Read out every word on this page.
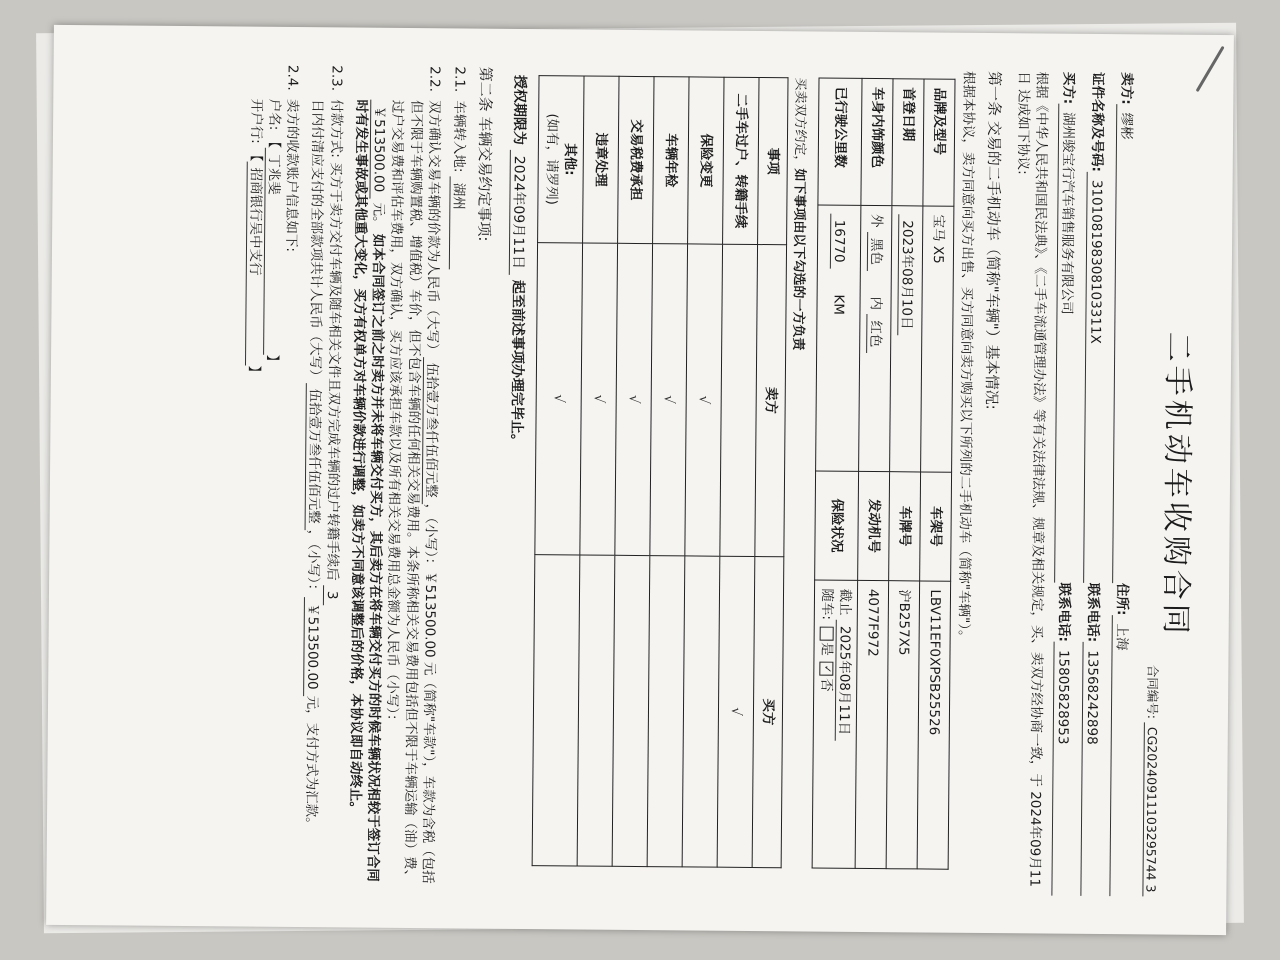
二手机动车收购合同
合同编号: CG20240911103295744 3
卖方:
缪彬
住所:
上海
证件名称及号码:
310108198308103311X
联系电话:
13568242898
买方:
湖州骏宝行汽车销售服务有限公司
联系电话:
15805828953

根据《中华人民共和国民法典》、《二手车流通管理办法》等有关法律法规、规章及相关规定，买、卖双方经协商一致，于 2024年09月11日 达成如下协议:

第一条 交易的二手机动车（简称"车辆"）基本情况:

根据本协议，卖方同意向买方出售、买方同意向卖方购买以下所列的二手机动车（简称"车辆"）。

品牌及型号	宝马 X5	车架号	LBV11EF0XPSB25526
首登日期	2023年08月10日	车牌号	沪B257X5
车身内饰颜色	外 黑色      内 红色	发动机号	4077F972
已行驶公里数	16770      KM	保险状况	截止 2025年08月11日
随车: 是 ✓否
买卖双方约定，如下事项由以下勾选的一方负责
事项	卖方	买方
二手车过户、转籍手续		√
保险变更	√	
车辆年检	√	
交易税费承担	√	
违章处理	√	
其他:
(如有，请罗列)	√	
授权期限为 2024年09月11日 起至前述事项办理完毕止。
第二条 车辆交易约定事项:
2.1.
车辆转入地: 湖州
2.2.
双方确认交易车辆的价款为人民币（大写）伍拾壹万叁仟伍佰元整，（小写）：￥513500.00 元（简称"车款"），车款为含税（包括但不限于车辆购置税、增值税）车价，但不包含车辆的任何相关交易费用。本条所称相关交易费用包括但不限于车辆运输（油）费、过户交易费和评估车费用，双方确认，买方应该承担车款以及所有相关交易费用总金额为人民币（小写）：
￥513500.00 元。 如本合同签订之前之时卖方并未将车辆交付买方，其后卖方在将车辆交付买方的时候车辆状况相较于签订合同时有发生事故或其他重大变化，买方有权单方对车辆价款进行调整，如卖方不同意该调整后的价格，本协议即自动终止。
2.3.
付款方式: 买方于卖方交付车辆及随车相关文件且双方完成车辆的过户转籍手续后 3 日内付清应支付的全部款项共计人民币（大写）伍拾壹万叁仟伍佰元整，（小写）：￥513500.00元，支付方式为汇款。
2.4.
卖方的收款账户信息如下:
户名: 【丁兆斐】
开户行: 【招商银行吴中支行】
